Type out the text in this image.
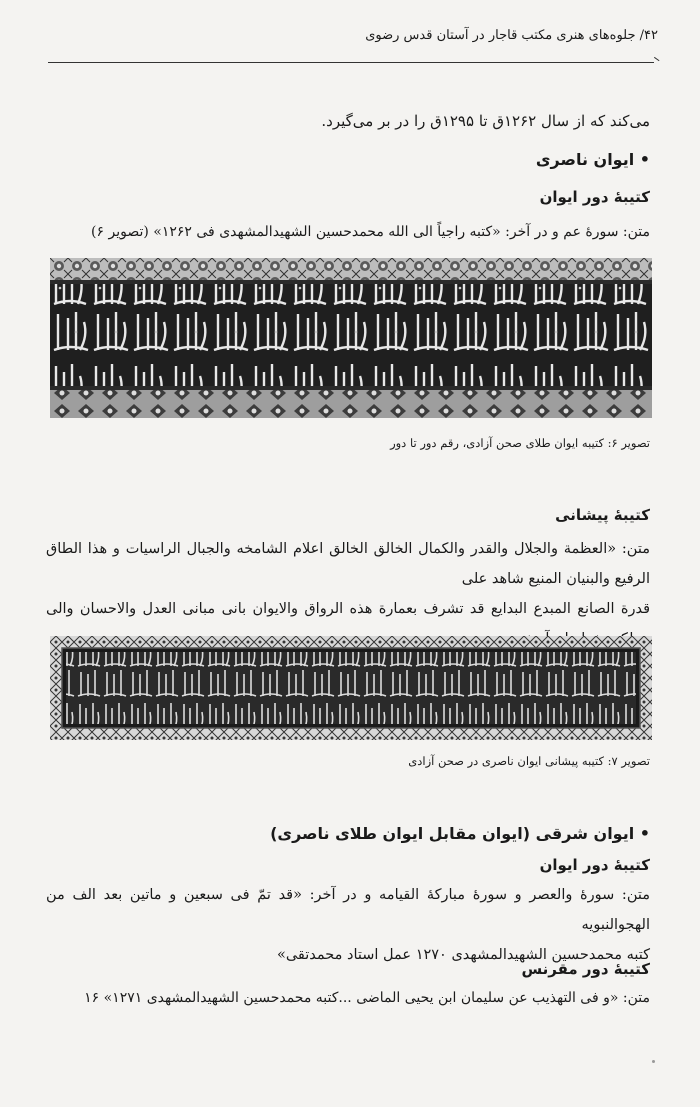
۴۲/ جلوه‌های هنری مکتب قاجار در آستان قدس رضوی
می‌کند که از سال ۱۲۶۲ق تا ۱۲۹۵ق را در بر می‌گیرد.
• ایوان ناصری
کتیبهٔ دور ایوان
متن: سورهٔ عم و در آخر: «کتبه راجیاً الی الله محمدحسین الشهیدالمشهدی فی ۱۲۶۲» (تصویر ۶)
تصویر ۶: کتیبه ایوان طلای صحن آزادی، رقم دور تا دور
کتیبهٔ پیشانی
متن: «العظمة والجلال والقدر والکمال الخالق الخالق اعلام الشامخه والجبال الراسیات و هذا الطاق الرفیع والبنیان المنیع شاهد علی
قدرة الصانع المبدع البدایع قد تشرف بعمارة هذه الرواق والایوان بانی مبانی العدل والاحسان والی
تصویر ۷: کتیبه پیشانی ایوان ناصری در صحن آزادی
• ایوان شرقی (ایوان مقابل ایوان طلای ناصری)
کتیبهٔ دور ایوان
متن: سورهٔ والعصر و سورهٔ مبارکهٔ القیامه و در آخر: «قد تمّ فی سبعین و ماتین بعد الف من الهجوالنبویه
کتبه محمدحسین الشهیدالمشهدی ۱۲۷۰ عمل استاد محمدتقی»
کتیبهٔ دور مقرنس
متن: «و فی التهذیب عن سلیمان ابن یحیی الماضی ...کتبه محمدحسین الشهیدالمشهدی ۱۲۷۱» ۱۶
